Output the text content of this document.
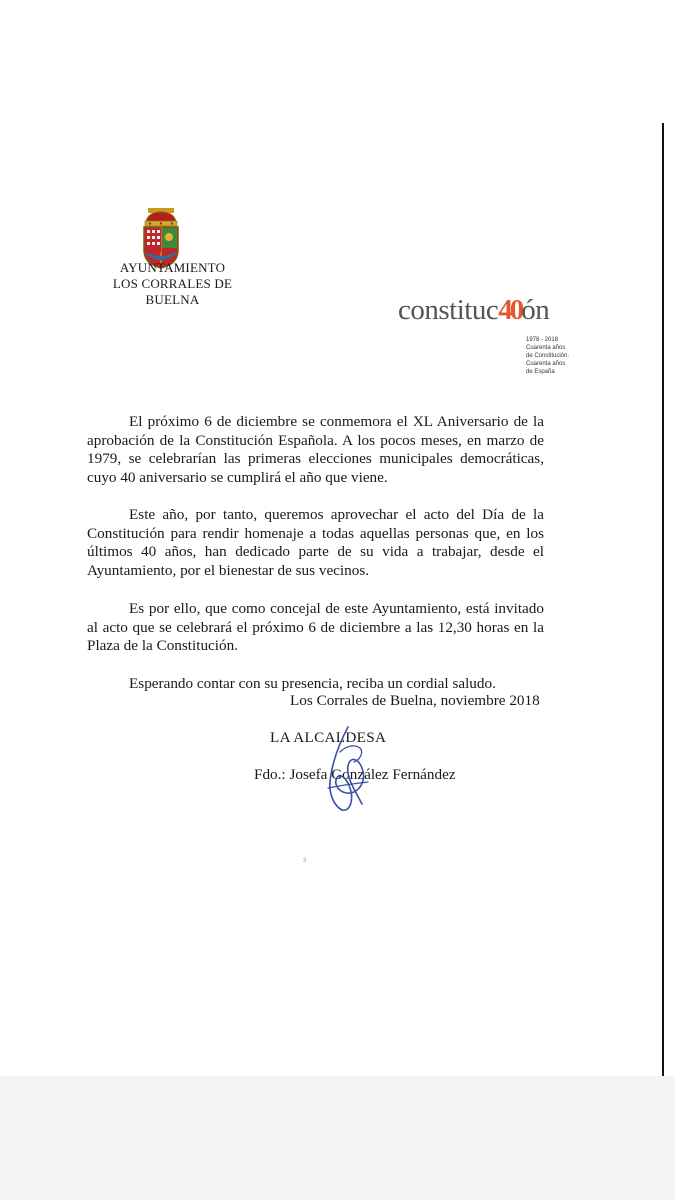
AYUNTAMIENTO
LOS CORRALES DE BUELNA	constituc40ón
1978 - 2018
Cuarenta años
de Constitución.
Cuarenta años
de España
El próximo 6 de diciembre se conmemora el XL Aniversario de la aprobación de la Constitución Española. A los pocos meses, en marzo de 1979, se celebrarían las primeras elecciones municipales democráticas, cuyo 40 aniversario se cumplirá el año que viene.
Este año, por tanto, queremos aprovechar el acto del Día de la Constitución para rendir homenaje a todas aquellas personas que, en los últimos 40 años, han dedicado parte de su vida a trabajar, desde el Ayuntamiento, por el bienestar de sus vecinos.
Es por ello, que como concejal de este Ayuntamiento, está invitado al acto que se celebrará el próximo 6 de diciembre a las 12,30 horas en la Plaza de la Constitución.
Esperando contar con su presencia, reciba un cordial saludo.
Los Corrales de Buelna, noviembre 2018
LA ALCALDESA
Fdo.: Josefa González Fernández
3
